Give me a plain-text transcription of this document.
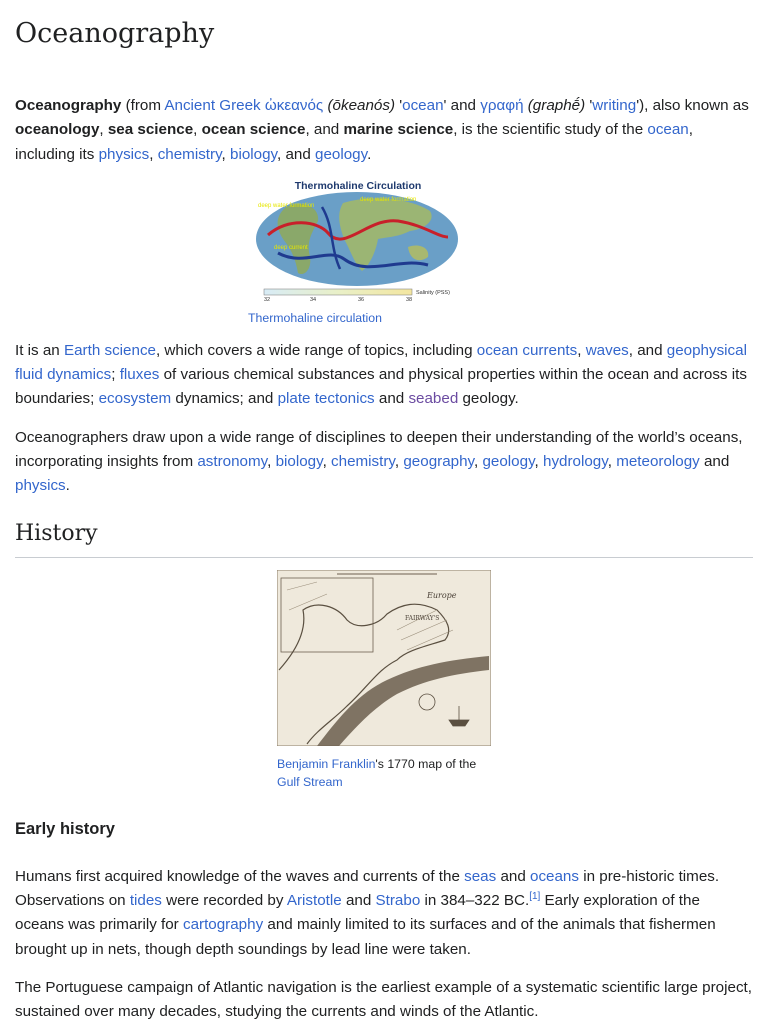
Oceanography

Oceanography (from Ancient Greek ὠκεανός (ōkeanós) 'ocean' and γραφή (graphḗ) 'writing'), also known as oceanology, sea science, ocean science, and marine science, is the scientific study of the ocean, including its physics, chemistry, biology, and geology.

Thermohaline Circulation
deep water formation
deep water formation
deep current
Salinity (PSS)
32	34	36	38
Thermohaline circulation

It is an Earth science, which covers a wide range of topics, including ocean currents, waves, and geophysical fluid dynamics; fluxes of various chemical substances and physical properties within the ocean and across its boundaries; ecosystem dynamics; and plate tectonics and seabed geology.

Oceanographers draw upon a wide range of disciplines to deepen their understanding of the world’s oceans, incorporating insights from astronomy, biology, chemistry, geography, geology, hydrology, meteorology and physics.

History
Europe
FAIRWAY'S
Benjamin Franklin's 1770 map of the Gulf Stream
Early history

Humans first acquired knowledge of the waves and currents of the seas and oceans in pre-historic times. Observations on tides were recorded by Aristotle and Strabo in 384–322 BC.[1] Early exploration of the oceans was primarily for cartography and mainly limited to its surfaces and of the animals that fishermen brought up in nets, though depth soundings by lead line were taken.

The Portuguese campaign of Atlantic navigation is the earliest example of a systematic scientific large project, sustained over many decades, studying the currents and winds of the Atlantic.
